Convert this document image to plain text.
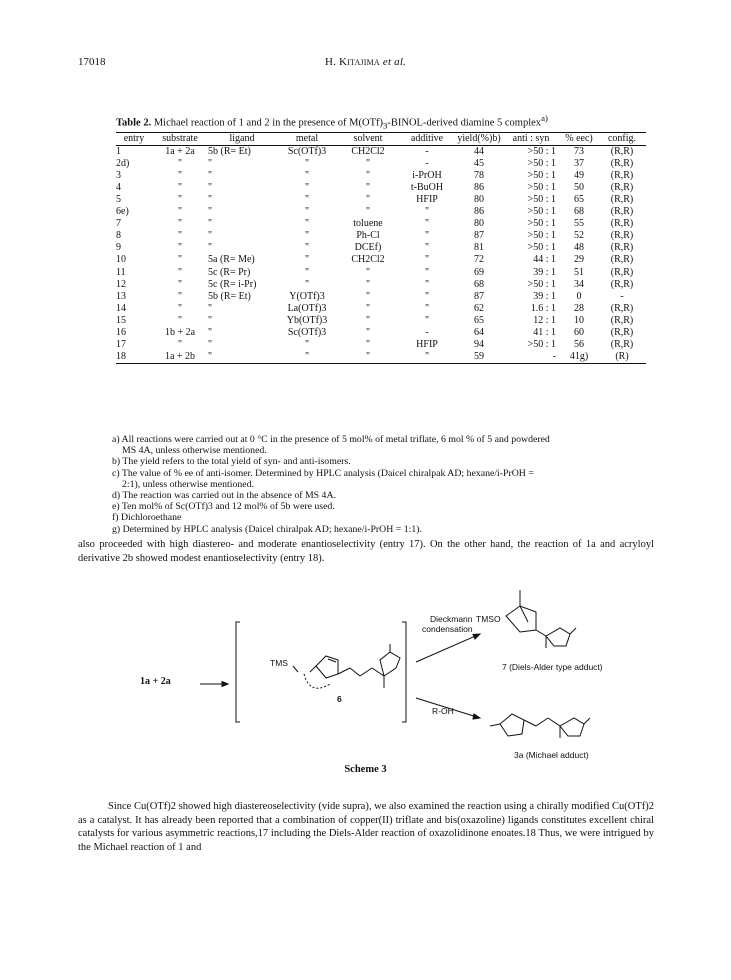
17018	H. Kitajima et al.
Table 2. Michael reaction of 1 and 2 in the presence of $M(OTf)_3-BINOL$-derived diamine 5 complex$^{a)}$
entry	substrate	ligand	metal	solvent	additive	yield(%)b)	anti : syn	% eec)	config.
1	1a + 2a	5b (R= Et)	Sc(OTf)3	CH2Cl2	-	44	>50 : 1	73	(R,R)
2d)	"	"	"	"	-	45	>50 : 1	37	(R,R)
3	"	"	"	"	i-PrOH	78	>50 : 1	49	(R,R)
4	"	"	"	"	t-BuOH	86	>50 : 1	50	(R,R)
5	"	"	"	"	HFIP	80	>50 : 1	65	(R,R)
6e)	"	"	"	"	"	86	>50 : 1	68	(R,R)
7	"	"	"	toluene	"	80	>50 : 1	55	(R,R)
8	"	"	"	Ph-Cl	"	87	>50 : 1	52	(R,R)
9	"	"	"	DCEf)	"	81	>50 : 1	48	(R,R)
10	"	5a (R= Me)	"	CH2Cl2	"	72	44 : 1	29	(R,R)
11	"	5c (R= Pr)	"	"	"	69	39 : 1	51	(R,R)
12	"	5c (R= i-Pr)	"	"	"	68	>50 : 1	34	(R,R)
13	"	5b (R= Et)	Y(OTf)3	"	"	87	39 : 1	0	-
14	"	"	La(OTf)3	"	"	62	1.6 : 1	28	(R,R)
15	"	"	Yb(OTf)3	"	"	65	12 : 1	10	(R,R)
16	1b + 2a	"	Sc(OTf)3	"	-	64	41 : 1	60	(R,R)
17	"	"	"	"	HFIP	94	>50 : 1	56	(R,R)
18	1a + 2b	"	"	"	"	59	-	41g)	(R)

a) All reactions were carried out at 0 °C in the presence of 5 mol% of metal triflate, 6 mol % of 5 and powdered

MS 4A, unless otherwise mentioned.

b) The yield refers to the total yield of syn- and anti-isomers.

c) The value of % ee of anti-isomer. Determined by HPLC analysis (Daicel chiralpak AD; hexane/i-PrOH =

2:1), unless otherwise mentioned.

d) The reaction was carried out in the absence of MS 4A.

e) Ten mol% of Sc(OTf)3 and 12 mol% of 5b were used.

f) Dichloroethane

g) Determined by HPLC analysis (Daicel chiralpak AD; hexane/i-PrOH = 1:1).

also proceeded with high diastereo- and moderate enantioselectivity (entry 17). On the other hand, the reaction of 1a and acryloyl derivative 2b showed modest enantioselectivity (entry 18).
1a + 2a
TMS
6
Dieckmann
condensation
R-OH
TMSO
7 (Diels-Alder type adduct)
3a (Michael adduct)
Scheme 3
Since Cu(OTf)2 showed high diastereoselectivity (vide supra), we also examined the reaction using a chirally modified Cu(OTf)2 as a catalyst. It has already been reported that a combination of copper(II) triflate and bis(oxazoline) ligands constitutes excellent chiral catalysts for various asymmetric reactions,17 including the Diels-Alder reaction of oxazolidinone enoates.18 Thus, we were intrigued by the Michael reaction of 1 and
